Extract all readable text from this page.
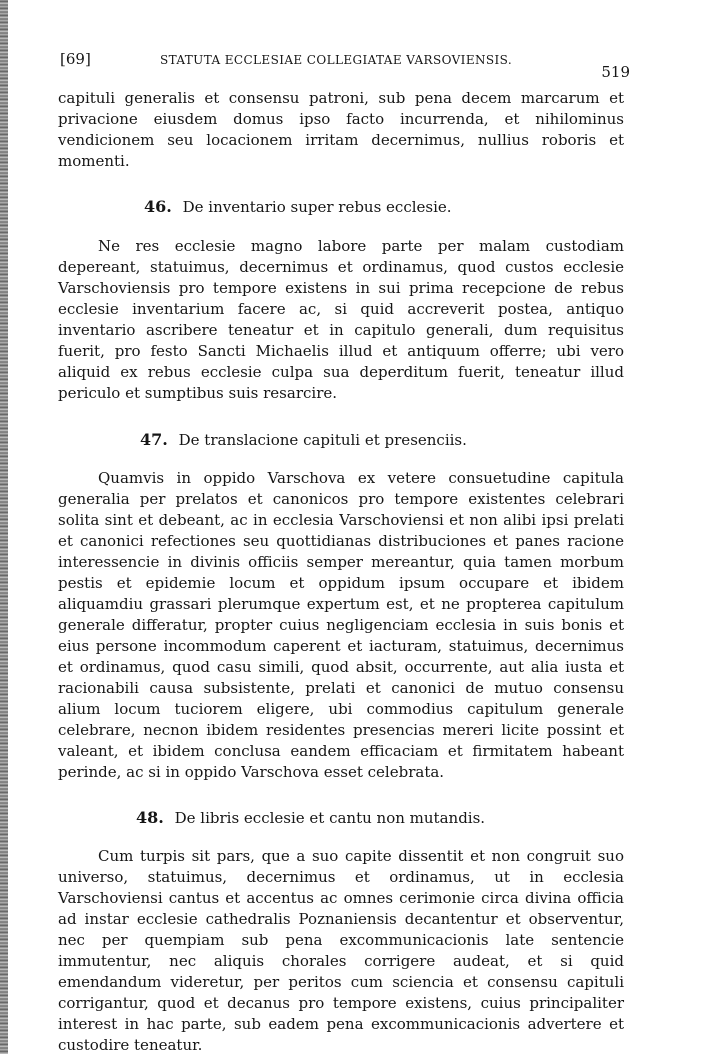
[69]	STATUTA ECCLESIAE COLLEGIATAE VARSOVIENSIS.
519

capituli generalis et consensu patroni, sub pena decem marcarum et privacione eiusdem domus ipso facto incurrenda, et nihilominus vendicionem seu locacionem irritam decernimus, nullius roboris et momenti.

46. De inventario super rebus ecclesie.

Ne res ecclesie magno labore parte per malam custodiam depereant, statuimus, decernimus et ordinamus, quod custos ecclesie Varschoviensis pro tempore existens in sui prima recepcione de rebus ecclesie inventarium facere ac, si quid accreverit postea, antiquo inventario ascribere teneatur et in capitulo generali, dum requisitus fuerit, pro festo Sancti Michaelis illud et antiquum offerre; ubi vero aliquid ex rebus ecclesie culpa sua deperditum fuerit, teneatur illud periculo et sumptibus suis resarcire.

47. De translacione capituli et presenciis.

Quamvis in oppido Varschova ex vetere consuetudine capitula generalia per prelatos et canonicos pro tempore existentes celebrari solita sint et debeant, ac in ecclesia Varschoviensi et non alibi ipsi prelati et canonici refectiones seu quottidianas distribuciones et panes racione interessencie in divinis officiis semper mereantur, quia tamen morbum pestis et epidemie locum et oppidum ipsum occupare et ibidem aliquamdiu grassari plerumque expertum est, et ne propterea capitulum generale differatur, propter cuius negligenciam ecclesia in suis bonis et eius persone incommodum caperent et iacturam, statuimus, decernimus et ordinamus, quod casu simili, quod absit, occurrente, aut alia iusta et racionabili causa subsistente, prelati et canonici de mutuo consensu alium locum tuciorem eligere, ubi commodius capitulum generale celebrare, necnon ibidem residentes presencias mereri licite possint et valeant, et ibidem conclusa eandem efficaciam et firmitatem habeant perinde, ac si in oppido Varschova esset celebrata.

48. De libris ecclesie et cantu non mutandis.

Cum turpis sit pars, que a suo capite dissentit et non congruit suo universo, statuimus, decernimus et ordinamus, ut in ecclesia Varschoviensi cantus et accentus ac omnes cerimonie circa divina officia ad instar ecclesie cathedralis Poznaniensis decantentur et observentur, nec per quempiam sub pena excommunicacionis late sentencie immutentur, nec aliquis chorales corrigere audeat, et si quid emendandum videretur, per peritos cum sciencia et consensu capituli corrigantur, quod et decanus pro tempore existens, cuius principaliter interest in hac parte, sub eadem pena excommunicacionis advertere et custodire teneatur.
